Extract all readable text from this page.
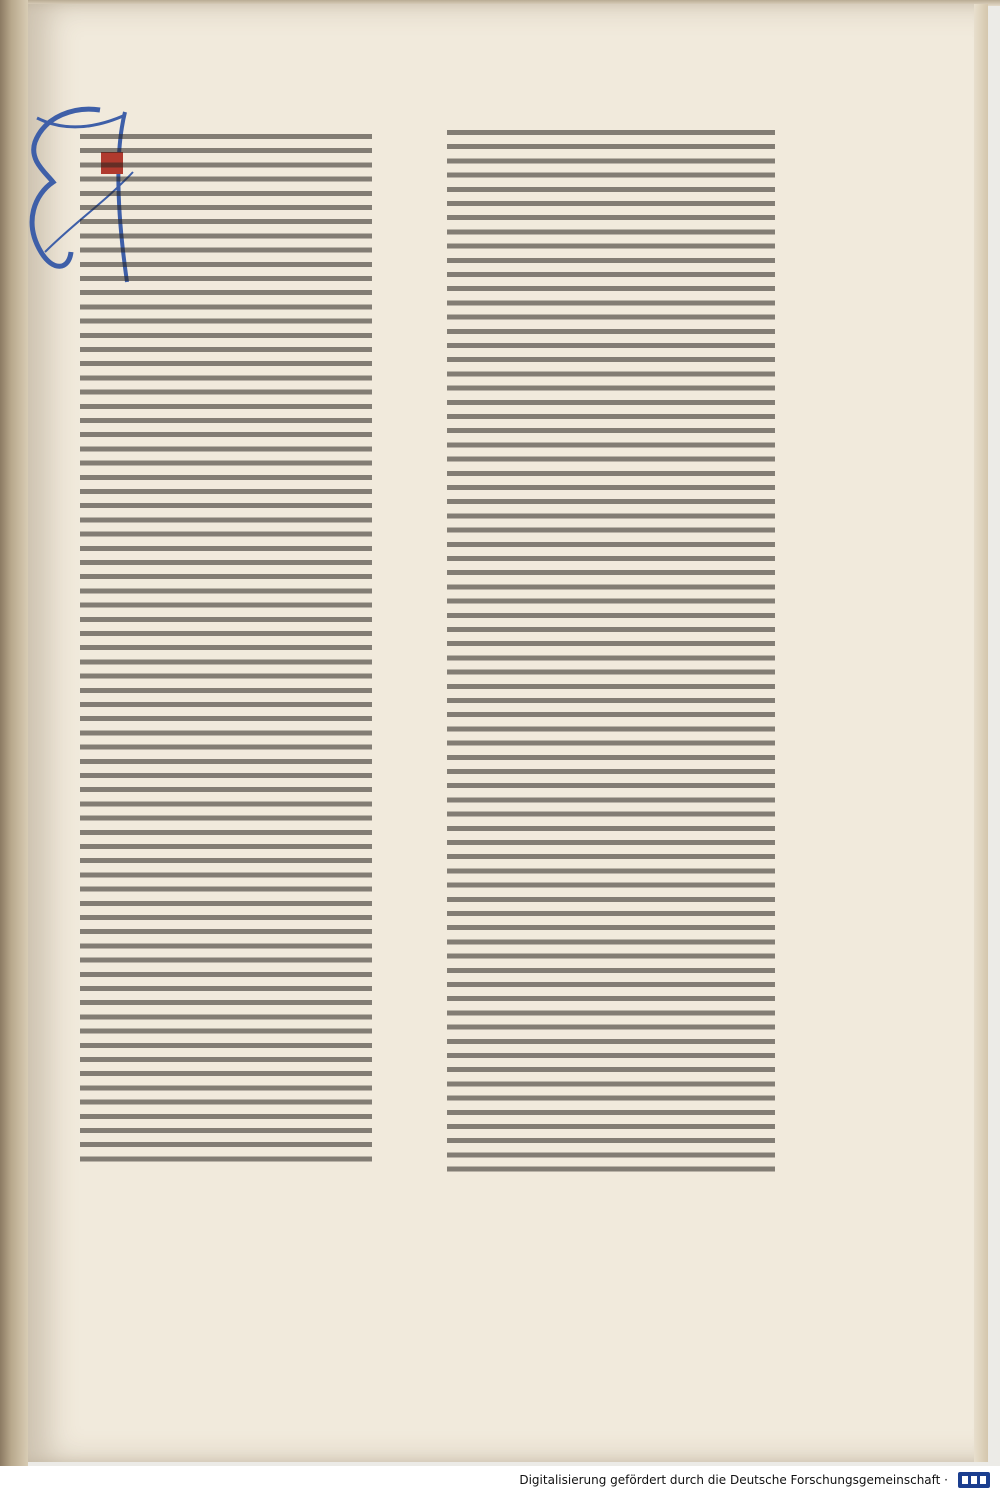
Digitalisierung gefördert durch die Deutsche Forschungsgemeinschaft ·
